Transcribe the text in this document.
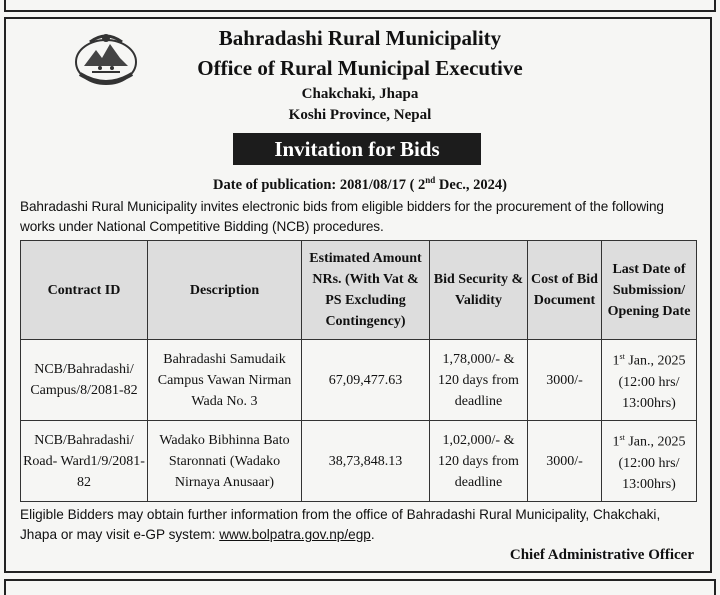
Bahradashi Rural Municipality
Office of Rural Municipal Executive
Chakchaki, Jhapa
Koshi Province, Nepal
Invitation for Bids
Date of publication: 2081/08/17 ( 2nd Dec., 2024)
Bahradashi Rural Municipality invites electronic bids from eligible bidders for the procurement of the following works under National Competitive Bidding (NCB) procedures.
Contract ID	Description	Estimated Amount NRs. (With Vat & PS Excluding Contingency)	Bid Security & Validity	Cost of Bid Document	Last Date of Submission/ Opening Date
NCB/Bahradashi/ Campus/8/2081-82	Bahradashi Samudaik Campus Vawan Nirman Wada No. 3	67,09,477.63	1,78,000/- & 120 days from deadline	3000/-	1st Jan., 2025 (12:00 hrs/ 13:00hrs)
NCB/Bahradashi/ Road- Ward1/9/2081-82	Wadako Bibhinna Bato Staronnati (Wadako Nirnaya Anusaar)	38,73,848.13	1,02,000/- & 120 days from deadline	3000/-	1st Jan., 2025 (12:00 hrs/ 13:00hrs)
Eligible Bidders may obtain further information from the office of Bahradashi Rural Municipality, Chakchaki, Jhapa or may visit e-GP system: www.bolpatra.gov.np/egp.
Chief Administrative Officer
